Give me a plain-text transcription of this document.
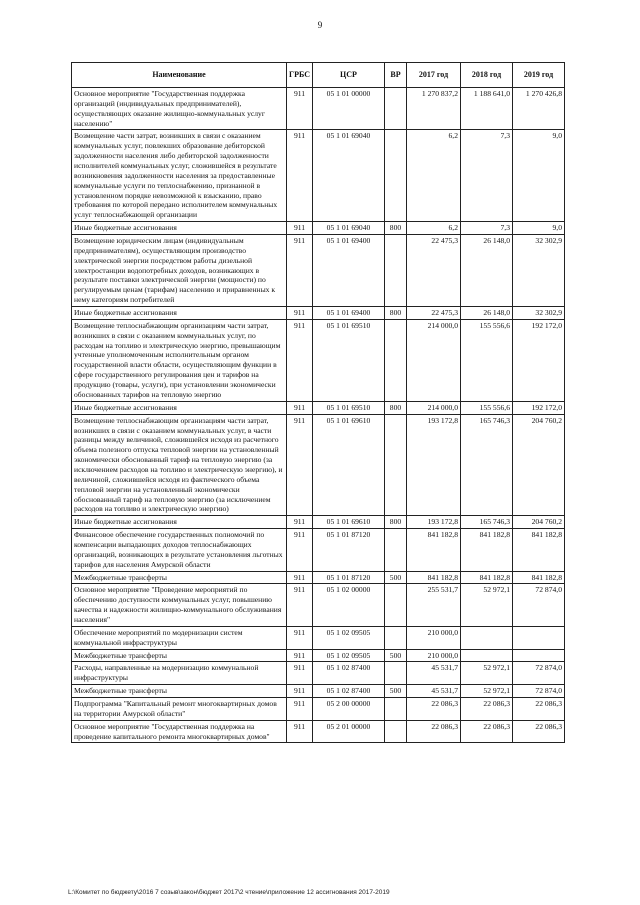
9
Наименование	ГРБС	ЦСР	ВР	2017 год	2018 год	2019 год
Основное мероприятие "Государственная поддержка организаций (индивидуальных предпринимателей), осуществляющих оказание жилищно-коммунальных услуг населению"	911	05 1 01 00000		1 270 837,2	1 188 641,0	1 270 426,8
Возмещение части затрат, возникших в связи с оказанием коммунальных услуг, повлекших образование дебиторской задолженности населения либо дебиторской задолженности исполнителей коммунальных услуг, сложившейся в результате возникновения задолженности населения за предоставленные коммунальные услуги по теплоснабжению, признанной в установленном порядке невозможной к взысканию, право требования по которой передано исполнителем коммунальных услуг теплоснабжающей организации	911	05 1 01 69040		6,2	7,3	9,0
Иные бюджетные ассигнования	911	05 1 01 69040	800	6,2	7,3	9,0
Возмещение юридическим лицам (индивидуальным предпринимателям), осуществляющим производство электрической энергии посредством работы дизельной электростанции водопотребных доходов, возникающих в результате поставки электрической энергии (мощности) по регулируемым ценам (тарифам) населению и приравненных к нему категориям потребителей	911	05 1 01 69400		22 475,3	26 148,0	32 302,9
Иные бюджетные ассигнования	911	05 1 01 69400	800	22 475,3	26 148,0	32 302,9
Возмещение теплоснабжающим организациям части затрат, возникших в связи с оказанием коммунальных услуг, по расходам на топливо и электрическую энергию, превышающим учтенные уполномоченным исполнительным органом государственной власти области, осуществляющим функции в сфере государственного регулирования цен и тарифов на продукцию (товары, услуги), при установлении экономически обоснованных тарифов на тепловую энергию	911	05 1 01 69510		214 000,0	155 556,6	192 172,0
Иные бюджетные ассигнования	911	05 1 01 69510	800	214 000,0	155 556,6	192 172,0
Возмещение теплоснабжающим организациям части затрат, возникших в связи с оказанием коммунальных услуг, в части разницы между величиной, сложившейся исходя из расчетного объема полезного отпуска тепловой энергии на установленный экономически обоснованный тариф на тепловую энергию (за исключением расходов на топливо и электрическую энергию), и величиной, сложившейся исходя из фактического объема тепловой энергии на установленный экономически обоснованный тариф на тепловую энергию (за исключением расходов на топливо и электрическую энергию)	911	05 1 01 69610		193 172,8	165 746,3	204 760,2
Иные бюджетные ассигнования	911	05 1 01 69610	800	193 172,8	165 746,3	204 760,2
Финансовое обеспечение государственных полномочий по компенсации выпадающих доходов теплоснабжающих организаций, возникающих в результате установления льготных тарифов для населения Амурской области	911	05 1 01 87120		841 182,8	841 182,8	841 182,8
Межбюджетные трансферты	911	05 1 01 87120	500	841 182,8	841 182,8	841 182,8
Основное мероприятие "Проведение мероприятий по обеспечению доступности коммунальных услуг, повышению качества и надежности жилищно-коммунального обслуживания населения"	911	05 1 02 00000		255 531,7	52 972,1	72 874,0
Обеспечение мероприятий по модернизации систем коммунальной инфраструктуры	911	05 1 02 09505		210 000,0		
Межбюджетные трансферты	911	05 1 02 09505	500	210 000,0		
Расходы, направленные на модернизацию коммунальной инфраструктуры	911	05 1 02 87400		45 531,7	52 972,1	72 874,0
Межбюджетные трансферты	911	05 1 02 87400	500	45 531,7	52 972,1	72 874,0
Подпрограмма "Капитальный ремонт многоквартирных домов на территории Амурской области"	911	05 2 00 00000		22 086,3	22 086,3	22 086,3
Основное мероприятие "Государственная поддержка на проведение капитального ремонта многоквартирных домов"	911	05 2 01 00000		22 086,3	22 086,3	22 086,3
L:\Комитет по бюджету\2016 7 созыв\закон\бюджет 2017\2 чтение\приложение 12 ассигнования 2017-2019
